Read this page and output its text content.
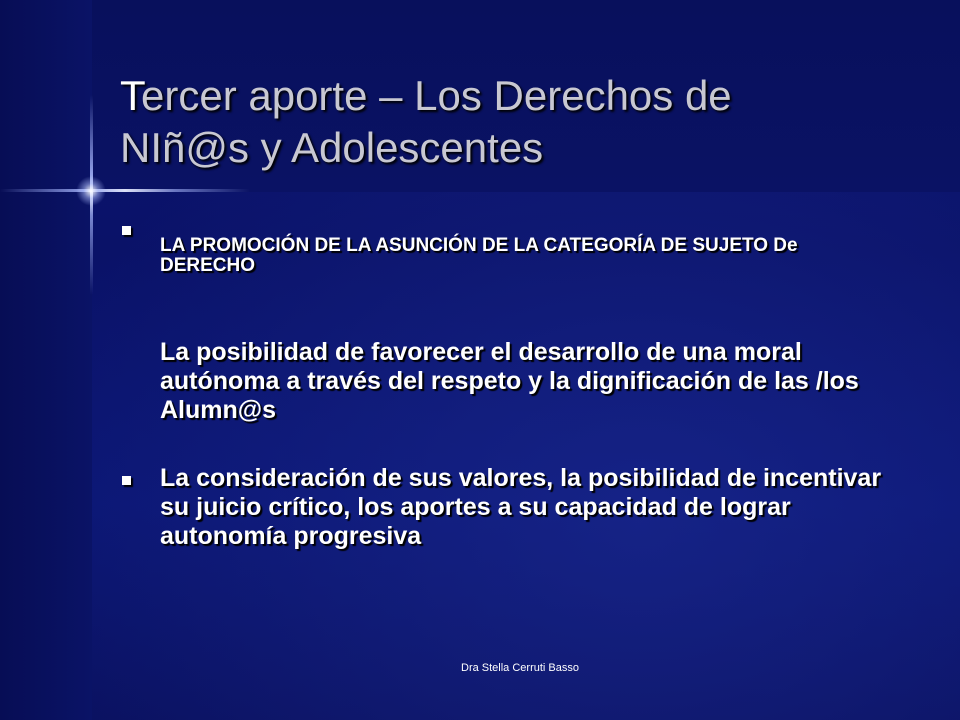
Tercer aporte – Los Derechos de
NIñ@s y Adolescentes
LA PROMOCIÓN DE LA ASUNCIÓN DE LA CATEGORÍA DE SUJETO De DERECHO
La posibilidad de favorecer el desarrollo de una moral autónoma a través del respeto y la dignificación de las /los Alumn@s
La consideración de sus valores, la posibilidad de incentivar su juicio crítico, los aportes a su capacidad de lograr autonomía progresiva
Dra Stella Cerruti Basso
